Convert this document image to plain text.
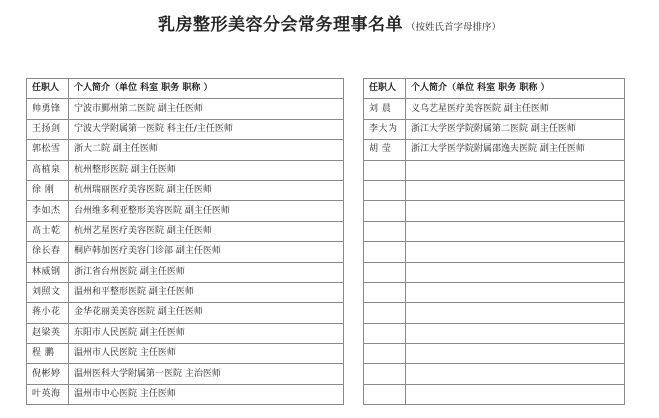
乳房整形美容分会常务理事名单 （按姓氏首字母排序）
任职人	个人简介（单位 科室 职务 职称 ）
帅勇锋	宁波市鄞州第二医院 副主任医师
王扬剑	宁波大学附属第一医院 科主任/主任医师
郭松雪	浙大二院 副主任医师
高植泉	杭州整形医院 副主任医师
徐 刚	杭州瑞丽医疗美容医院 副主任医师
李如杰	台州维多利亚整形美容医院 副主任医师
高士乾	杭州艺星医疗美容医院 副主任医师
徐长春	桐庐韩加医疗美容门诊部 副主任医师
林威钢	浙江省台州医院 副主任医师
刘照文	温州和平整形医院 副主任医师
蒋小花	金华花丽美美容医院 副主任医师
赵梁英	东阳市人民医院 副主任医师
程 鹏	温州市人民医院 主任医师
倪彬婷	温州医科大学附属第一医院 主治医师
叶英海	温州市中心医院 主任医师
任职人	个人简介（单位 科室 职务 职称 ）
刘 晨	义乌艺星医疗美容医院 副主任医师
李大为	浙江大学医学院附属第二医院 副主任医师
胡 莹	浙江大学医学院附属邵逸夫医院 副主任医师
